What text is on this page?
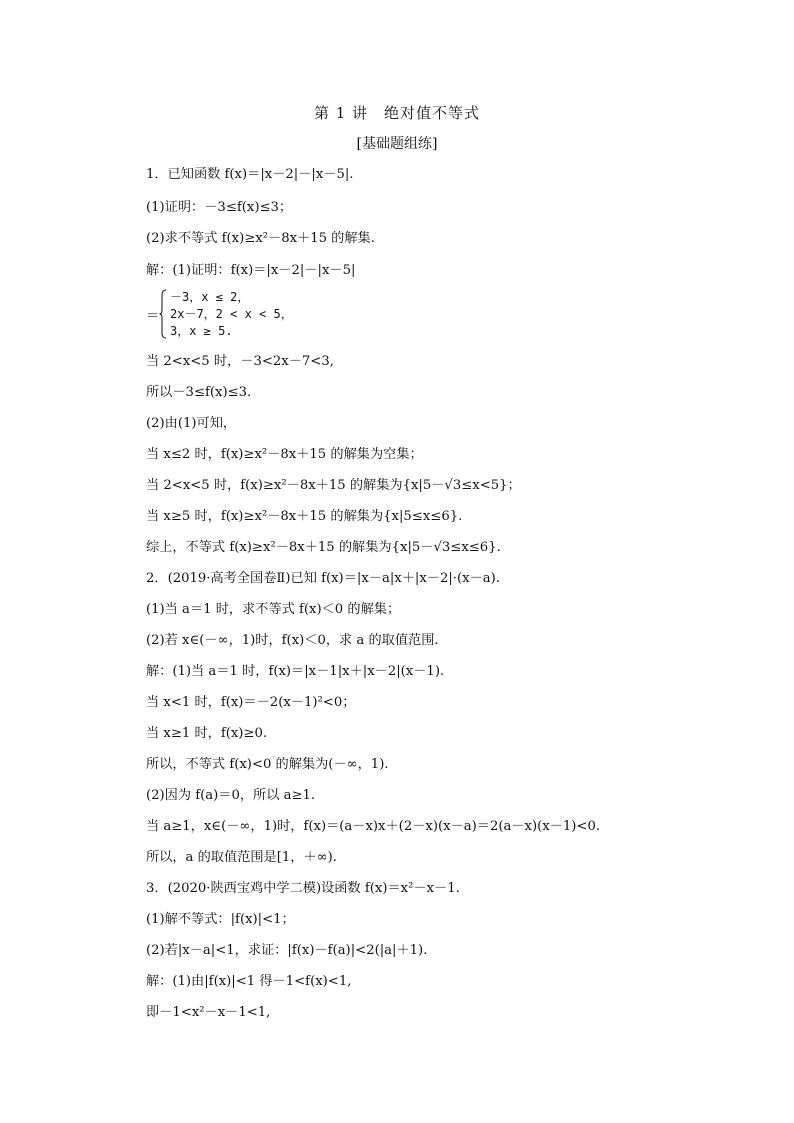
第 1 讲　绝对值不等式
[基础题组练]
1．已知函数 f(x)＝|x－2|－|x－5|.
(1)证明：－3≤f(x)≤3；
(2)求不等式 f(x)≥x²－8x＋15 的解集.
解：(1)证明：f(x)＝|x－2|－|x－5|
＝
－3，x ≤ 2，
2x－7，2 < x < 5，
3，x ≥ 5.
当 2<x<5 时，－3<2x－7<3,
所以－3≤f(x)≤3.
(2)由(1)可知，
当 x≤2 时，f(x)≥x²－8x＋15 的解集为空集；
当 2<x<5 时，f(x)≥x²－8x＋15 的解集为{x|5－√3≤x<5}；
当 x≥5 时，f(x)≥x²－8x＋15 的解集为{x|5≤x≤6}.
综上，不等式 f(x)≥x²－8x＋15 的解集为{x|5－√3≤x≤6}.
2．(2019·高考全国卷Ⅱ)已知 f(x)＝|x－a|x＋|x－2|·(x－a).
(1)当 a＝1 时，求不等式 f(x)＜0 的解集；
(2)若 x∈(－∞，1)时，f(x)＜0，求 a 的取值范围.
解：(1)当 a＝1 时，f(x)＝|x－1|x＋|x－2|(x－1).
当 x<1 时，f(x)＝－2(x－1)²<0；
当 x≥1 时，f(x)≥0.
所以，不等式 f(x)<0 的解集为(－∞，1).
(2)因为 f(a)＝0，所以 a≥1.
当 a≥1，x∈(－∞，1)时，f(x)＝(a－x)x＋(2－x)(x－a)＝2(a－x)(x－1)<0.
所以，a 的取值范围是[1，＋∞).
3．(2020·陕西宝鸡中学二模)设函数 f(x)＝x²－x－1.
(1)解不等式：|f(x)|<1；
(2)若|x－a|<1，求证：|f(x)－f(a)|<2(|a|＋1).
解：(1)由|f(x)|<1 得－1<f(x)<1,
即－1<x²－x－1<1,
